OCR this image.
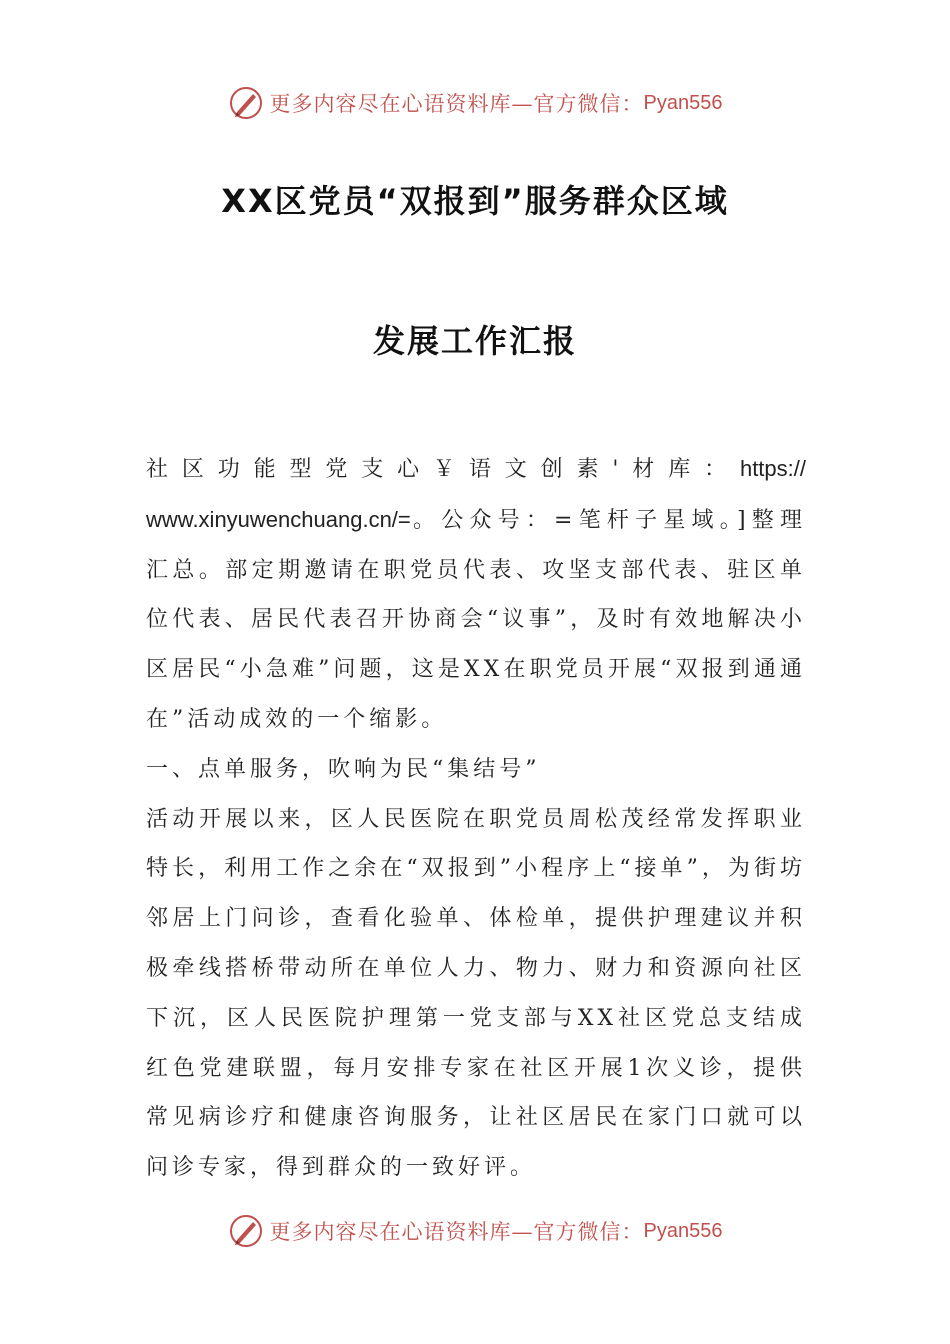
更多内容尽在心语资料库—官方微信： Pyan556
XX区党员“双报到”服务群众区域
发展工作汇报

社区功能型党支心￥语文创素'材库：https://

www.xinyuwenchuang.cn/=。公众号：=笔杆子星域。]整理

汇总。部定期邀请在职党员代表、攻坚支部代表、驻区单位代表、居民代表召开协商会“议事”，及时有效地解决小区居民“小急难”问题，这是XX在职党员开展“双报到通通在”活动成效的一个缩影。

一、点单服务，吹响为民“集结号”

活动开展以来，区人民医院在职党员周松茂经常发挥职业特长，利用工作之余在“双报到”小程序上“接单”，为街坊邻居上门问诊，查看化验单、体检单，提供护理建议并积极牵线搭桥带动所在单位人力、物力、财力和资源向社区下沉，区人民医院护理第一党支部与XX社区党总支结成红色党建联盟，每月安排专家在社区开展1次义诊，提供常见病诊疗和健康咨询服务，让社区居民在家门口就可以问诊专家，得到群众的一致好评。

更多内容尽在心语资料库—官方微信： Pyan556
